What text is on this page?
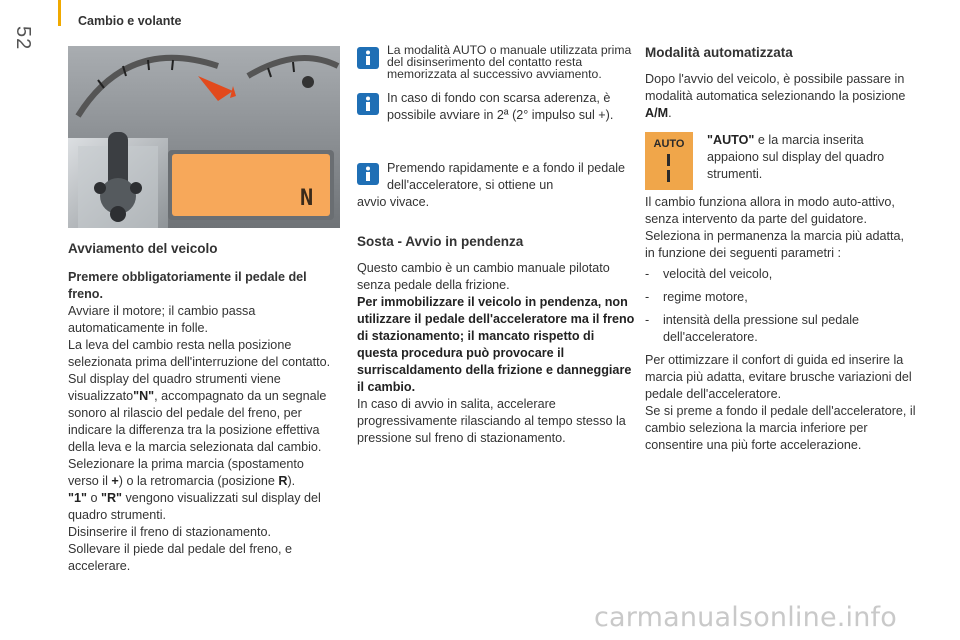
52
Cambio e volante
N
Avviamento del veicolo

Premere obbligatoriamente il pedale del freno.

Avviare il motore; il cambio passa automaticamente in folle.

La leva del cambio resta nella posizione selezionata prima dell'interruzione del contatto.

Sul display del quadro strumenti viene visualizzato"N", accompagnato da un segnale sonoro al rilascio del pedale del freno, per indicare la differenza tra la posizione effettiva della leva e la marcia selezionata dal cambio.

Selezionare la prima marcia (spostamento verso il +) o la retromarcia (posizione R).

"1" o "R" vengono visualizzati sul display del quadro strumenti.

Disinserire il freno di stazionamento.

Sollevare il piede dal pedale del freno, e accelerare.

La modalità AUTO o manuale utilizzata prima del disinserimento del contatto resta memorizzata al successivo avviamento.

In caso di fondo con scarsa aderenza, è possibile avviare in 2ª (2° impulso sul +).

Premendo rapidamente e a fondo il pedale dell'acceleratore, si ottiene un
avvio vivace.

Sosta - Avvio in pendenza

Questo cambio è un cambio manuale pilotato senza pedale della frizione.

Per immobilizzare il veicolo in pendenza, non utilizzare il pedale dell'acceleratore ma il freno di stazionamento; il mancato rispetto di questa procedura può provocare il surriscaldamento della frizione e danneggiare il cambio.

In caso di avvio in salita, accelerare progressivamente rilasciando al tempo stesso la pressione sul freno di stazionamento.

Modalità automatizzata

Dopo l'avvio del veicolo, è possibile passare in modalità automatica selezionando la posizione A/M.

AUTO	"AUTO" e la marcia inserita appaiono sul display del quadro strumenti.

Il cambio funziona allora in modo auto-attivo, senza intervento da parte del guidatore.

Seleziona in permanenza la marcia più adatta, in funzione dei seguenti parametri :

-	velocità del veicolo,
-	regime motore,
-	intensità della pressione sul pedale dell'acceleratore.

Per ottimizzare il confort di guida ed inserire la marcia più adatta, evitare brusche variazioni del pedale dell'acceleratore.

Se si preme a fondo il pedale dell'acceleratore, il cambio seleziona la marcia inferiore per consentire una più forte accelerazione.

carmanualsonline.info
